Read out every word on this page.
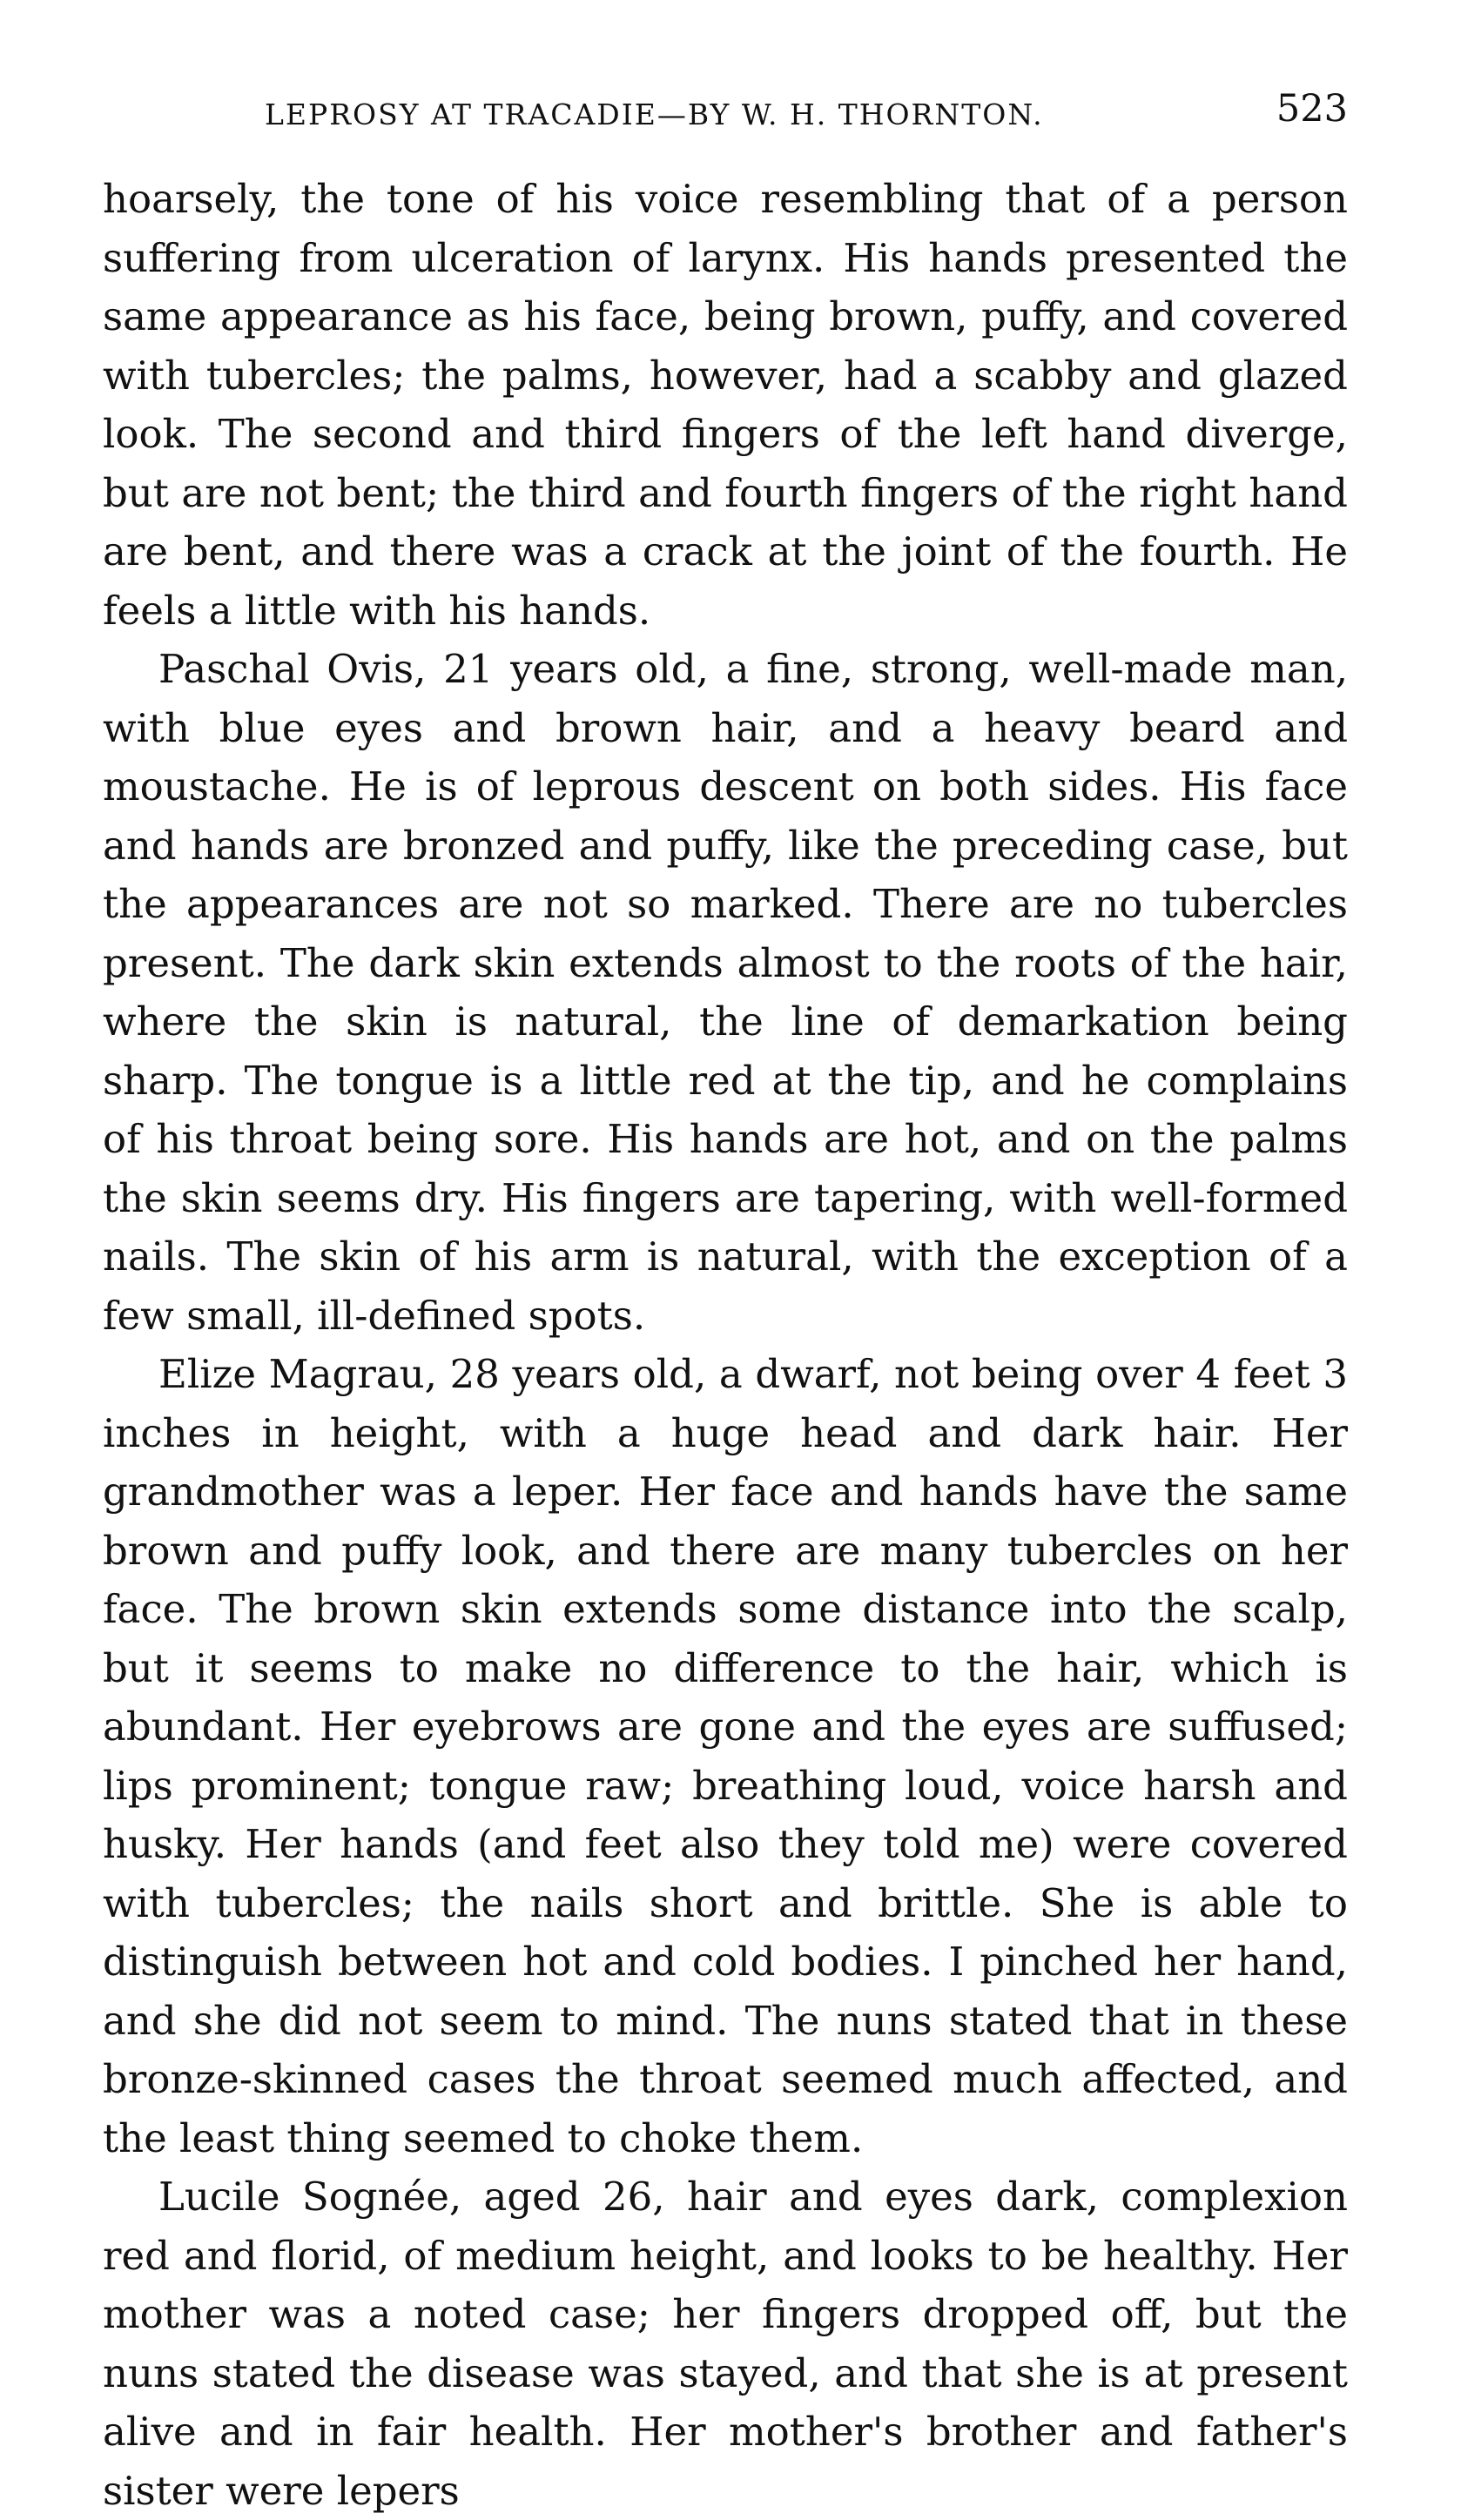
LEPROSY AT TRACADIE—BY W. H. THORNTON.	523

hoarsely, the tone of his voice resembling that of a person suffering from ulceration of larynx. His hands presented the same appearance as his face, being brown, puffy, and covered with tubercles; the palms, however, had a scabby and glazed look. The second and third fingers of the left hand diverge, but are not bent; the third and fourth fingers of the right hand are bent, and there was a crack at the joint of the fourth. He feels a little with his hands.

Paschal Ovis, 21 years old, a fine, strong, well-made man, with blue eyes and brown hair, and a heavy beard and moustache. He is of leprous descent on both sides. His face and hands are bronzed and puffy, like the preceding case, but the appearances are not so marked. There are no tubercles present. The dark skin extends almost to the roots of the hair, where the skin is natural, the line of demarkation being sharp. The tongue is a little red at the tip, and he complains of his throat being sore. His hands are hot, and on the palms the skin seems dry. His fingers are tapering, with well-formed nails. The skin of his arm is natural, with the exception of a few small, ill-defined spots.

Elize Magrau, 28 years old, a dwarf, not being over 4 feet 3 inches in height, with a huge head and dark hair. Her grandmother was a leper. Her face and hands have the same brown and puffy look, and there are many tubercles on her face. The brown skin extends some distance into the scalp, but it seems to make no difference to the hair, which is abundant. Her eyebrows are gone and the eyes are suffused; lips prominent; tongue raw; breathing loud, voice harsh and husky. Her hands (and feet also they told me) were covered with tubercles; the nails short and brittle. She is able to distinguish between hot and cold bodies. I pinched her hand, and she did not seem to mind. The nuns stated that in these bronze-skinned cases the throat seemed much affected, and the least thing seemed to choke them.

Lucile Sognée, aged 26, hair and eyes dark, complexion red and florid, of medium height, and looks to be healthy. Her mother was a noted case; her fingers dropped off, but the nuns stated the disease was stayed, and that she is at present alive and in fair health. Her mother's brother and father's sister were lepers
